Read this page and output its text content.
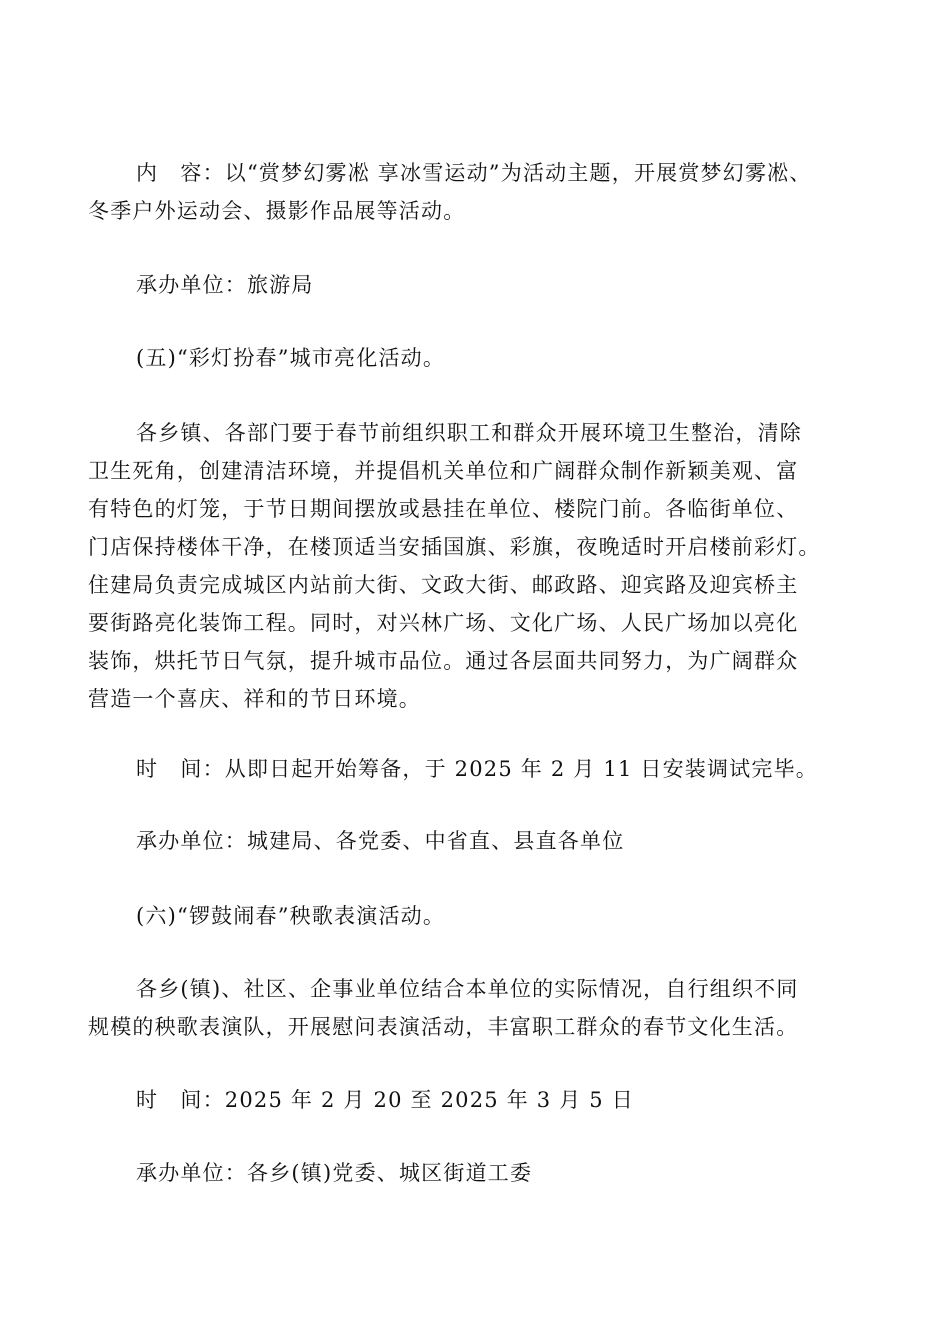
内　容：以“赏梦幻雾凇 享冰雪运动”为活动主题，开展赏梦幻雾凇、
冬季户外运动会、摄影作品展等活动。

承办单位：旅游局

(五)“彩灯扮春”城市亮化活动。

各乡镇、各部门要于春节前组织职工和群众开展环境卫生整治，清除
卫生死角，创建清洁环境，并提倡机关单位和广阔群众制作新颖美观、富
有特色的灯笼，于节日期间摆放或悬挂在单位、楼院门前。各临街单位、
门店保持楼体干净，在楼顶适当安插国旗、彩旗，夜晚适时开启楼前彩灯。
住建局负责完成城区内站前大街、文政大街、邮政路、迎宾路及迎宾桥主
要街路亮化装饰工程。同时，对兴林广场、文化广场、人民广场加以亮化
装饰，烘托节日气氛，提升城市品位。通过各层面共同努力，为广阔群众
营造一个喜庆、祥和的节日环境。

时　间：从即日起开始筹备，于 2025 年 2 月 11 日安装调试完毕。

承办单位：城建局、各党委、中省直、县直各单位

(六)“锣鼓闹春”秧歌表演活动。

各乡(镇)、社区、企事业单位结合本单位的实际情况，自行组织不同
规模的秧歌表演队，开展慰问表演活动，丰富职工群众的春节文化生活。

时　间：2025 年 2 月 20 至 2025 年 3 月 5 日

承办单位：各乡(镇)党委、城区街道工委
